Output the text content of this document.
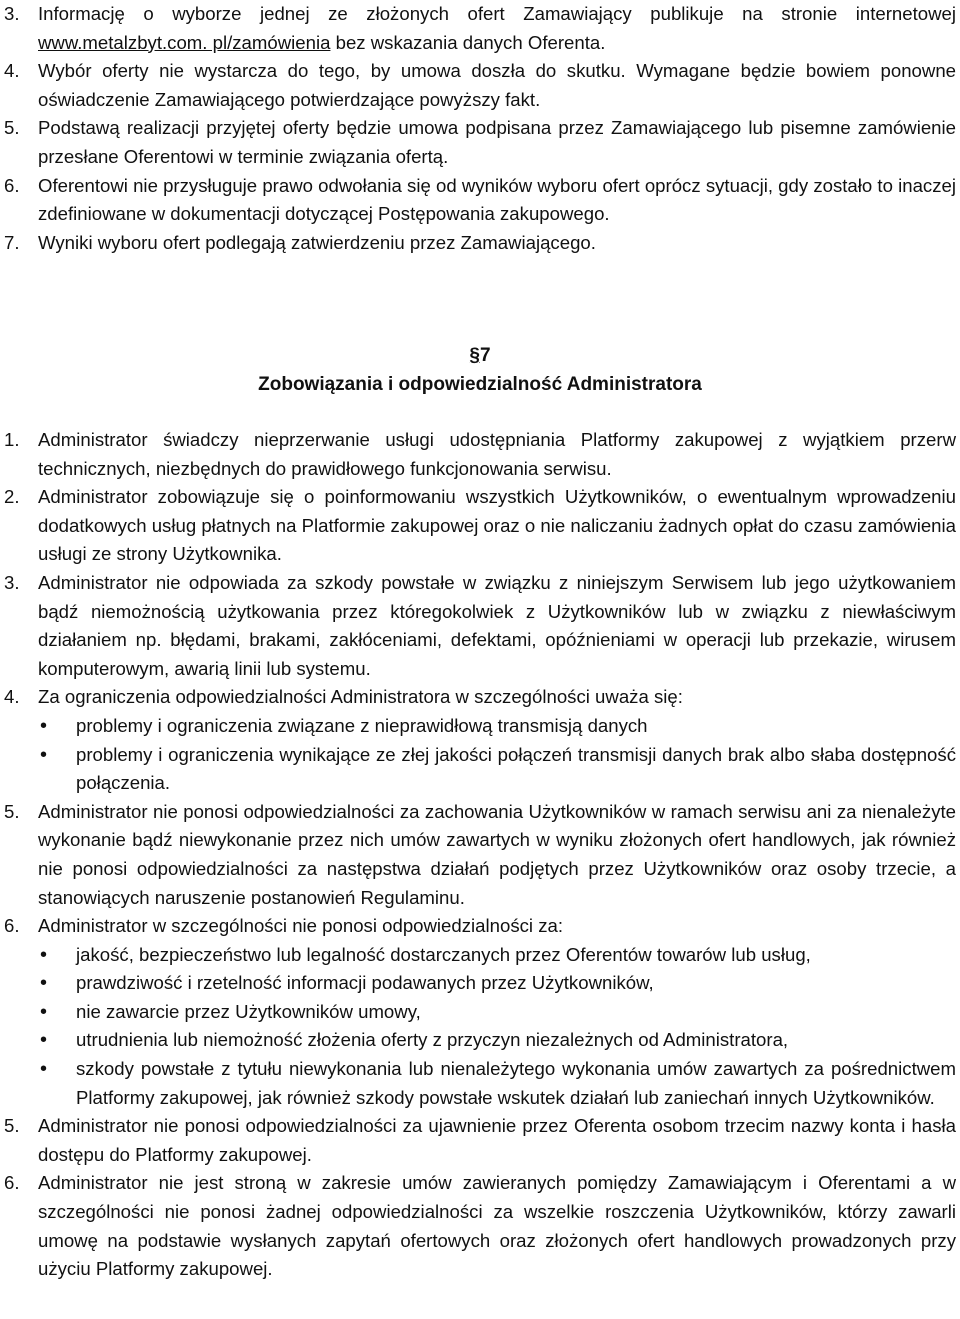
3. Informację o wyborze jednej ze złożonych ofert Zamawiający publikuje na stronie internetowej www.metalzbyt.com. pl/zamówienia bez wskazania danych Oferenta.
4. Wybór oferty nie wystarcza do tego, by umowa doszła do skutku. Wymagane będzie bowiem ponowne oświadczenie Zamawiającego potwierdzające powyższy fakt.
5. Podstawą realizacji przyjętej oferty będzie umowa podpisana przez Zamawiającego lub pisemne zamówienie przesłane Oferentowi w terminie związania ofertą.
6. Oferentowi nie przysługuje prawo odwołania się od wyników wyboru ofert oprócz sytuacji, gdy zostało to inaczej zdefiniowane w dokumentacji dotyczącej Postępowania zakupowego.
7. Wyniki wyboru ofert podlegają zatwierdzeniu przez Zamawiającego.
§7
Zobowiązania i odpowiedzialność Administratora
1. Administrator świadczy nieprzerwanie usługi udostępniania Platformy zakupowej z wyjątkiem przerw technicznych, niezbędnych do prawidłowego funkcjonowania serwisu.
2. Administrator zobowiązuje się o poinformowaniu wszystkich Użytkowników, o ewentualnym wprowadzeniu dodatkowych usług płatnych na Platformie zakupowej oraz o nie naliczaniu żadnych opłat do czasu zamówienia usługi ze strony Użytkownika.
3. Administrator nie odpowiada za szkody powstałe w związku z niniejszym Serwisem lub jego użytkowaniem bądź niemożnością użytkowania przez któregokolwiek z Użytkowników lub w związku z niewłaściwym działaniem np. błędami, brakami, zakłóceniami, defektami, opóźnieniami w operacji lub przekazie, wirusem komputerowym, awarią linii lub systemu.
4. Za ograniczenia odpowiedzialności Administratora w szczególności uważa się:
• problemy i ograniczenia związane z nieprawidłową transmisją danych
• problemy i ograniczenia wynikające ze złej jakości połączeń transmisji danych brak albo słaba dostępność połączenia.
5. Administrator nie ponosi odpowiedzialności za zachowania Użytkowników w ramach serwisu ani za nienależyte wykonanie bądź niewykonanie przez nich umów zawartych w wyniku złożonych ofert handlowych, jak również nie ponosi odpowiedzialności za następstwa działań podjętych przez Użytkowników oraz osoby trzecie, a stanowiących naruszenie postanowień Regulaminu.
6. Administrator w szczególności nie ponosi odpowiedzialności za:
• jakość, bezpieczeństwo lub legalność dostarczanych przez Oferentów towarów lub usług,
• prawdziwość i rzetelność informacji podawanych przez Użytkowników,
• nie zawarcie przez Użytkowników umowy,
• utrudnienia lub niemożność złożenia oferty z przyczyn niezależnych od Administratora,
• szkody powstałe z tytułu niewykonania lub nienależytego wykonania umów zawartych za pośrednictwem Platformy zakupowej, jak również szkody powstałe wskutek działań lub zaniechań innych Użytkowników.
5. Administrator nie ponosi odpowiedzialności za ujawnienie przez Oferenta osobom trzecim nazwy konta i hasła dostępu do Platformy zakupowej.
6. Administrator nie jest stroną w zakresie umów zawieranych pomiędzy Zamawiającym i Oferentami a w szczególności nie ponosi żadnej odpowiedzialności za wszelkie roszczenia Użytkowników, którzy zawarli umowę na podstawie wysłanych zapytań ofertowych oraz złożonych ofert handlowych prowadzonych przy użyciu Platformy zakupowej.
